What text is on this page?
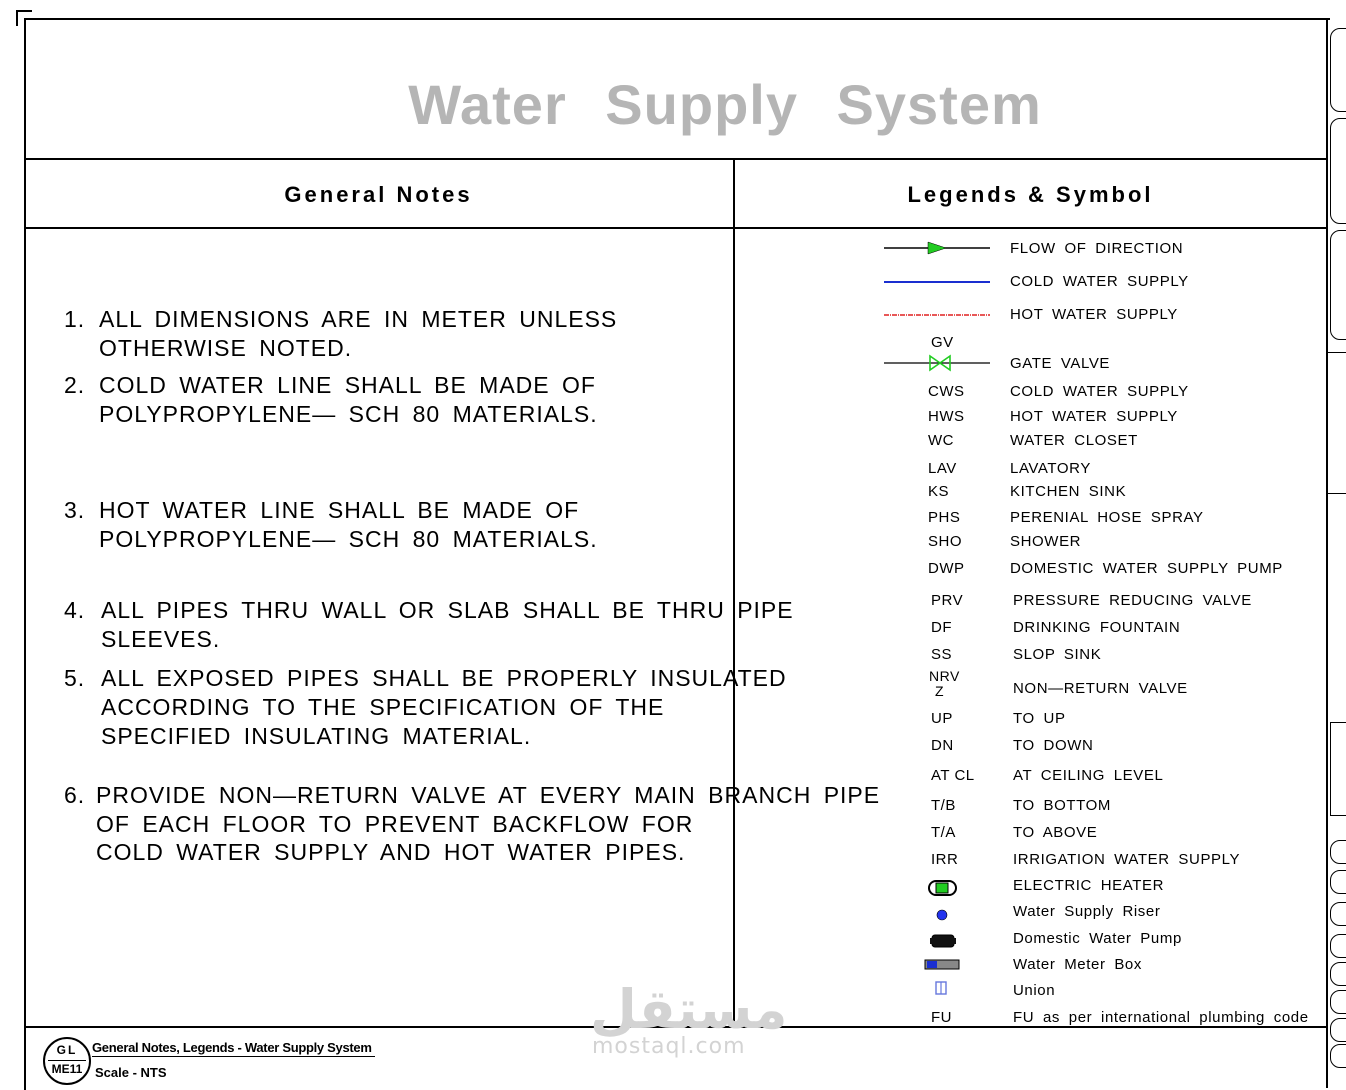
Water Supply System
General Notes	Legends & Symbol
1. ALL DIMENSIONS ARE IN METER UNLESS
OTHERWISE NOTED.
2. COLD WATER LINE SHALL BE MADE OF
POLYPROPYLENE— SCH 80 MATERIALS.
3. HOT WATER LINE SHALL BE MADE OF
POLYPROPYLENE— SCH 80 MATERIALS.
4. ALL PIPES THRU WALL OR SLAB SHALL BE THRU PIPE
SLEEVES.
5. ALL EXPOSED PIPES SHALL BE PROPERLY INSULATED
ACCORDING TO THE SPECIFICATION OF THE
SPECIFIED INSULATING MATERIAL.
6. PROVIDE NON—RETURN VALVE AT EVERY MAIN BRANCH PIPE
OF EACH FLOOR TO PREVENT BACKFLOW FOR
COLD WATER SUPPLY AND HOT WATER PIPES.
GV
CWS
HWS
WC
LAV
KS
PHS
SHO
DWP
PRV
DF
SS
NRV
Z
UP
DN
AT CL
T/B
T/A
IRR
FU
FLOW OF DIRECTION
COLD WATER SUPPLY
HOT WATER SUPPLY
GATE VALVE
COLD WATER SUPPLY
HOT WATER SUPPLY
WATER CLOSET
LAVATORY
KITCHEN SINK
PERENIAL HOSE SPRAY
SHOWER
DOMESTIC WATER SUPPLY PUMP
PRESSURE REDUCING VALVE
DRINKING FOUNTAIN
SLOP SINK
NON—RETURN VALVE
TO UP
TO DOWN
AT CEILING LEVEL
TO BOTTOM
TO ABOVE
IRRIGATION WATER SUPPLY
ELECTRIC HEATER
Water Supply Riser
Domestic Water Pump
Water Meter Box
Union
FU as per international plumbing code
GL
ME11
General Notes, Legends - Water Supply System
Scale - NTS
مستقل
mostaql.com
